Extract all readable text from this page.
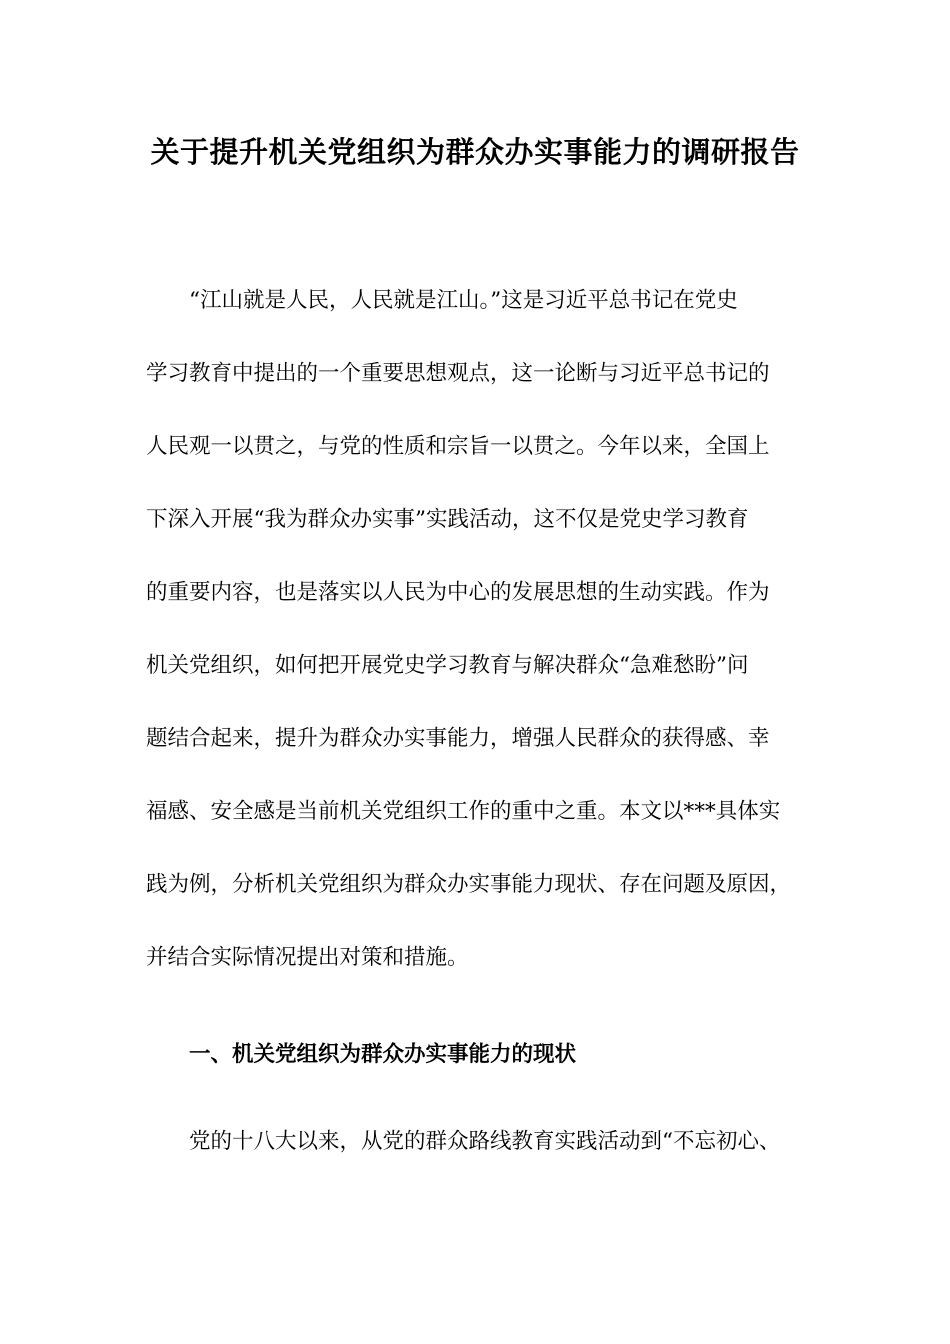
关于提升机关党组织为群众办实事能力的调研报告
“江山就是人民，人民就是江山。”这是习近平总书记在党史
学习教育中提出的一个重要思想观点，这一论断与习近平总书记的
人民观一以贯之，与党的性质和宗旨一以贯之。今年以来，全国上
下深入开展“我为群众办实事”实践活动，这不仅是党史学习教育
的重要内容，也是落实以人民为中心的发展思想的生动实践。作为
机关党组织，如何把开展党史学习教育与解决群众“急难愁盼”问
题结合起来，提升为群众办实事能力，增强人民群众的获得感、幸
福感、安全感是当前机关党组织工作的重中之重。本文以***具体实
践为例，分析机关党组织为群众办实事能力现状、存在问题及原因，
并结合实际情况提出对策和措施。
一、机关党组织为群众办实事能力的现状
党的十八大以来，从党的群众路线教育实践活动到“不忘初心、
